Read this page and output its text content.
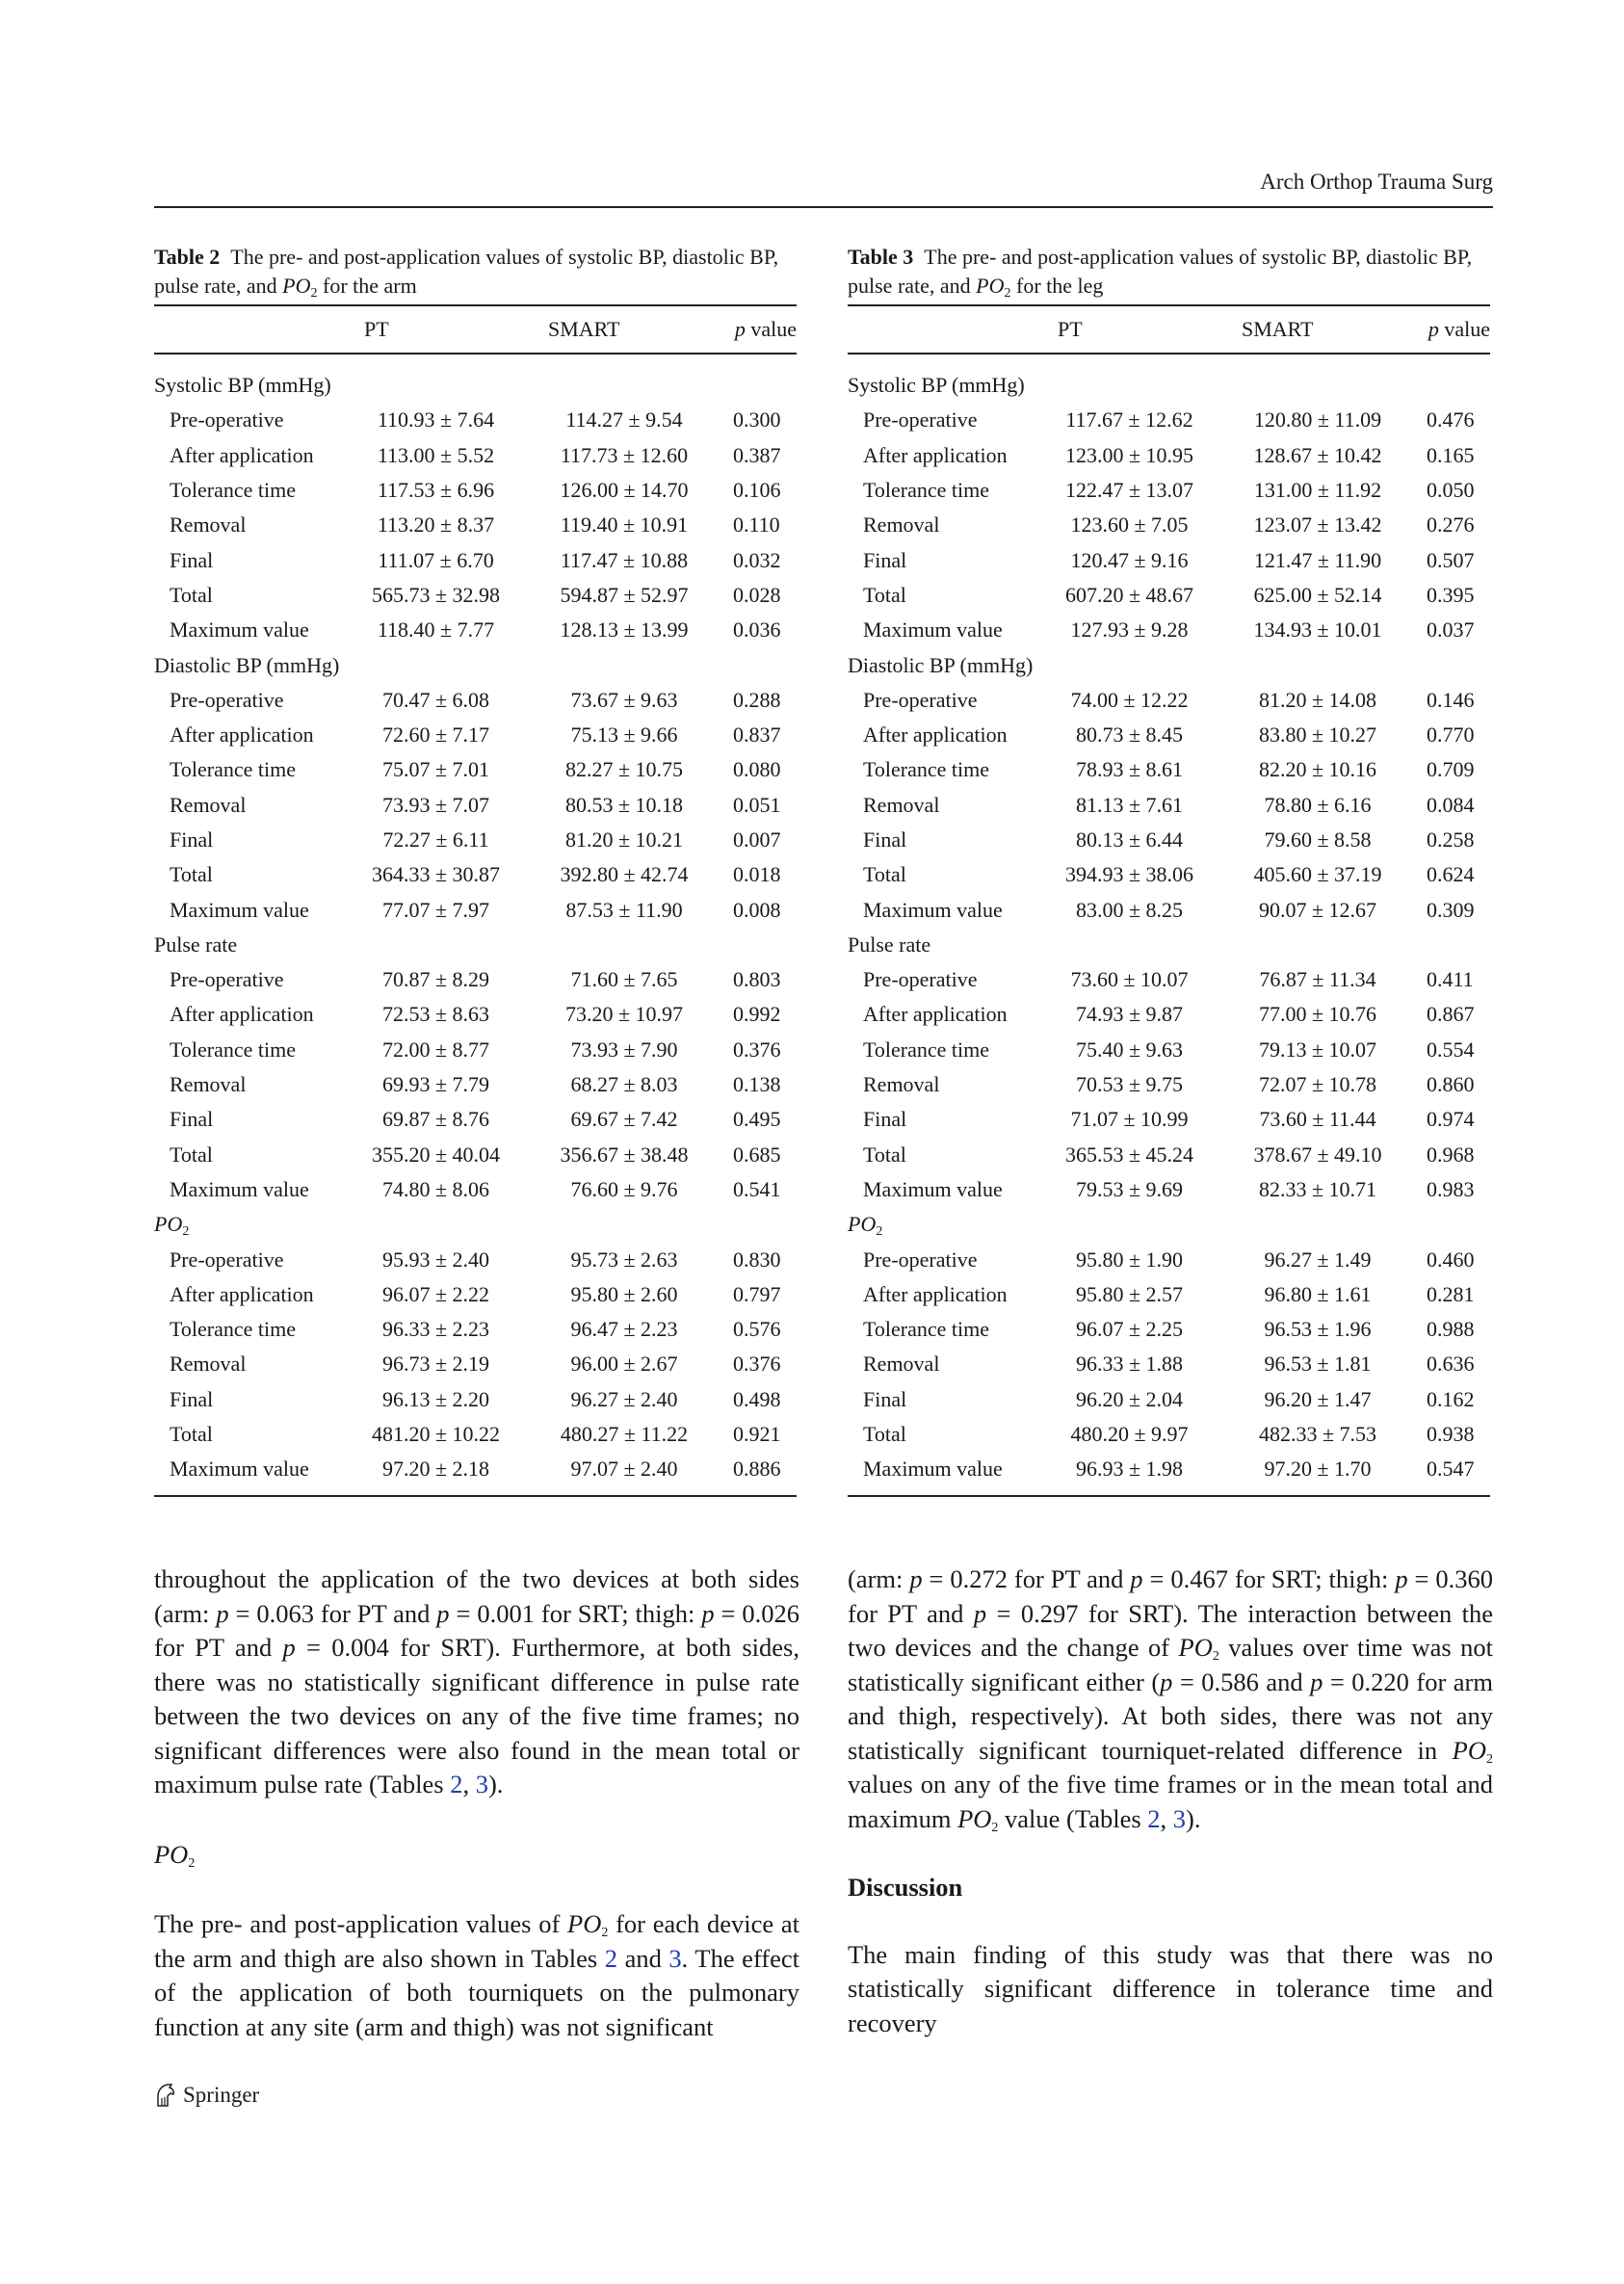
Arch Orthop Trauma Surg

Table 2  The pre- and post-application values of systolic BP, diastolic BP, pulse rate, and $PO_2$ for the arm

	PT	SMART	p value
Systolic BP (mmHg)			
Pre-operative	110.93 ± 7.64	114.27 ± 9.54	0.300
After application	113.00 ± 5.52	117.73 ± 12.60	0.387
Tolerance time	117.53 ± 6.96	126.00 ± 14.70	0.106
Removal	113.20 ± 8.37	119.40 ± 10.91	0.110
Final	111.07 ± 6.70	117.47 ± 10.88	0.032
Total	565.73 ± 32.98	594.87 ± 52.97	0.028
Maximum value	118.40 ± 7.77	128.13 ± 13.99	0.036
Diastolic BP (mmHg)			
Pre-operative	70.47 ± 6.08	73.67 ± 9.63	0.288
After application	72.60 ± 7.17	75.13 ± 9.66	0.837
Tolerance time	75.07 ± 7.01	82.27 ± 10.75	0.080
Removal	73.93 ± 7.07	80.53 ± 10.18	0.051
Final	72.27 ± 6.11	81.20 ± 10.21	0.007
Total	364.33 ± 30.87	392.80 ± 42.74	0.018
Maximum value	77.07 ± 7.97	87.53 ± 11.90	0.008
Pulse rate			
Pre-operative	70.87 ± 8.29	71.60 ± 7.65	0.803
After application	72.53 ± 8.63	73.20 ± 10.97	0.992
Tolerance time	72.00 ± 8.77	73.93 ± 7.90	0.376
Removal	69.93 ± 7.79	68.27 ± 8.03	0.138
Final	69.87 ± 8.76	69.67 ± 7.42	0.495
Total	355.20 ± 40.04	356.67 ± 38.48	0.685
Maximum value	74.80 ± 8.06	76.60 ± 9.76	0.541
$PO_2$
Pre-operative	95.93 ± 2.40	95.73 ± 2.63	0.830
After application	96.07 ± 2.22	95.80 ± 2.60	0.797
Tolerance time	96.33 ± 2.23	96.47 ± 2.23	0.576
Removal	96.73 ± 2.19	96.00 ± 2.67	0.376
Final	96.13 ± 2.20	96.27 ± 2.40	0.498
Total	481.20 ± 10.22	480.27 ± 11.22	0.921
Maximum value	97.20 ± 2.18	97.07 ± 2.40	0.886

Table 3  The pre- and post-application values of systolic BP, diastolic BP, pulse rate, and $PO_2$ for the leg

	PT	SMART	p value
Systolic BP (mmHg)			
Pre-operative	117.67 ± 12.62	120.80 ± 11.09	0.476
After application	123.00 ± 10.95	128.67 ± 10.42	0.165
Tolerance time	122.47 ± 13.07	131.00 ± 11.92	0.050
Removal	123.60 ± 7.05	123.07 ± 13.42	0.276
Final	120.47 ± 9.16	121.47 ± 11.90	0.507
Total	607.20 ± 48.67	625.00 ± 52.14	0.395
Maximum value	127.93 ± 9.28	134.93 ± 10.01	0.037
Diastolic BP (mmHg)			
Pre-operative	74.00 ± 12.22	81.20 ± 14.08	0.146
After application	80.73 ± 8.45	83.80 ± 10.27	0.770
Tolerance time	78.93 ± 8.61	82.20 ± 10.16	0.709
Removal	81.13 ± 7.61	78.80 ± 6.16	0.084
Final	80.13 ± 6.44	79.60 ± 8.58	0.258
Total	394.93 ± 38.06	405.60 ± 37.19	0.624
Maximum value	83.00 ± 8.25	90.07 ± 12.67	0.309
Pulse rate			
Pre-operative	73.60 ± 10.07	76.87 ± 11.34	0.411
After application	74.93 ± 9.87	77.00 ± 10.76	0.867
Tolerance time	75.40 ± 9.63	79.13 ± 10.07	0.554
Removal	70.53 ± 9.75	72.07 ± 10.78	0.860
Final	71.07 ± 10.99	73.60 ± 11.44	0.974
Total	365.53 ± 45.24	378.67 ± 49.10	0.968
Maximum value	79.53 ± 9.69	82.33 ± 10.71	0.983
$PO_2$
Pre-operative	95.80 ± 1.90	96.27 ± 1.49	0.460
After application	95.80 ± 2.57	96.80 ± 1.61	0.281
Tolerance time	96.07 ± 2.25	96.53 ± 1.96	0.988
Removal	96.33 ± 1.88	96.53 ± 1.81	0.636
Final	96.20 ± 2.04	96.20 ± 1.47	0.162
Total	480.20 ± 9.97	482.33 ± 7.53	0.938
Maximum value	96.93 ± 1.98	97.20 ± 1.70	0.547

throughout the application of the two devices at both sides (arm: p = 0.063 for PT and p = 0.001 for SRT; thigh: p = 0.026 for PT and p = 0.004 for SRT). Furthermore, at both sides, there was no statistically significant difference in pulse rate between the two devices on any of the five time frames; no significant differences were also found in the mean total or maximum pulse rate (Tables 2, 3).

$PO_2$

The pre- and post-application values of $PO_2$ for each device at the arm and thigh are also shown in Tables 2 and 3. The effect of the application of both tourniquets on the pulmonary function at any site (arm and thigh) was not significant

(arm: p = 0.272 for PT and p = 0.467 for SRT; thigh: p = 0.360 for PT and p = 0.297 for SRT). The interaction between the two devices and the change of $PO_2$ values over time was not statistically significant either (p = 0.586 and p = 0.220 for arm and thigh, respectively). At both sides, there was not any statistically significant tourniquet-related difference in $PO_2$ values on any of the five time frames or in the mean total and maximum $PO_2$ value (Tables 2, 3).

Discussion

The main finding of this study was that there was no statistically significant difference in tolerance time and recovery

Springer
